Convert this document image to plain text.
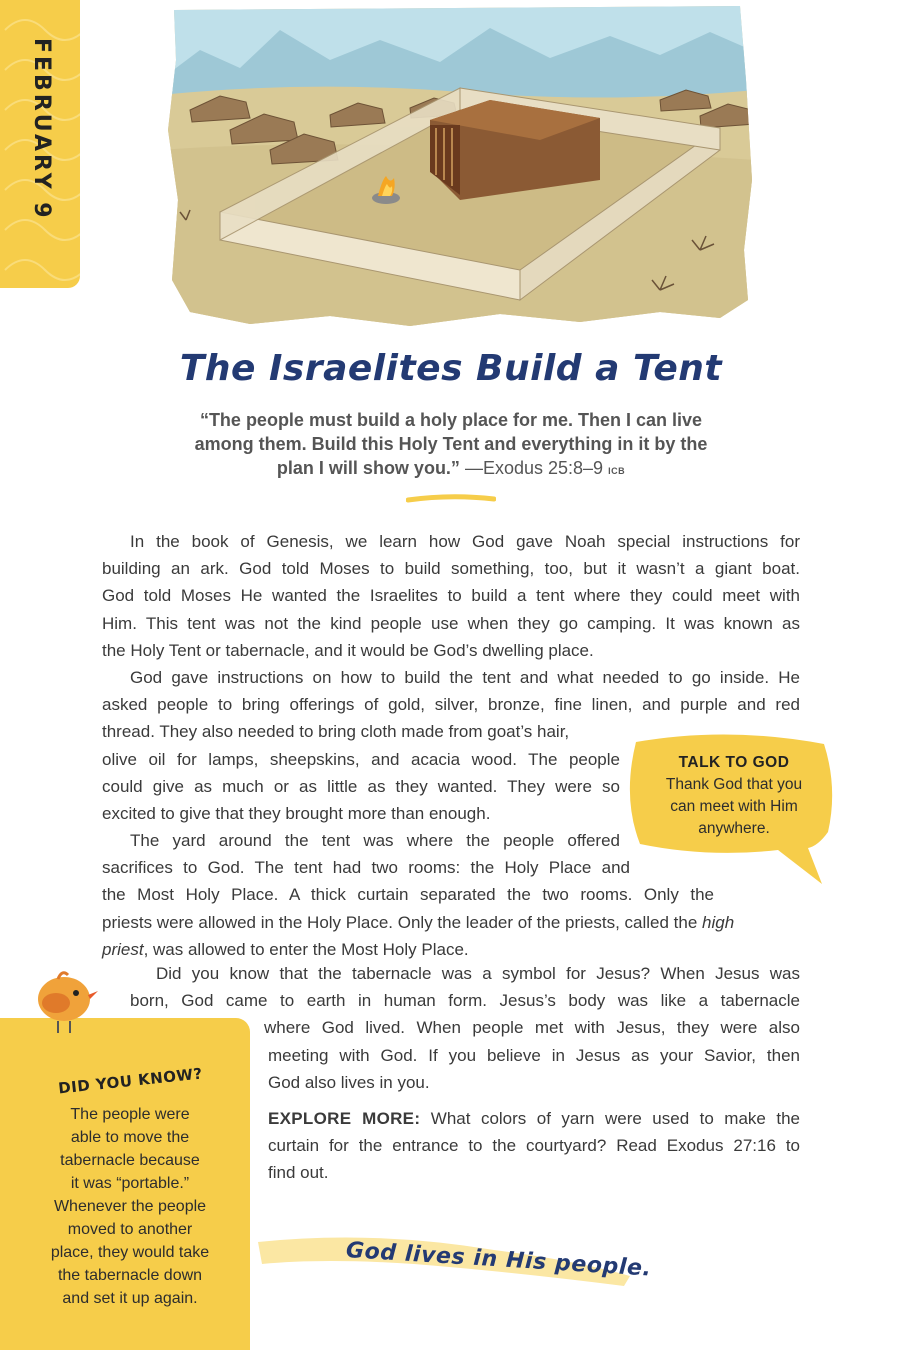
FEBRUARY 9
The Israelites Build a Tent
“The people must build a holy place for me. Then I can live
among them. Build this Holy Tent and everything in it by the
plan I will show you.” —Exodus 25:8–9 ICB
In the book of Genesis, we learn how God gave Noah special instructions for
building an ark. God told Moses to build something, too, but it wasn’t a giant boat.
God told Moses He wanted the Israelites to build a tent where they could meet with
Him. This tent was not the kind people use when they go camping. It was known as
the Holy Tent or tabernacle, and it would be God’s dwelling place.
God gave instructions on how to build the tent and what needed to go inside. He
asked people to bring offerings of gold, silver, bronze, fine linen, and purple and red
thread. They also needed to bring cloth made from goat’s hair,
olive oil for lamps, sheepskins, and acacia wood. The people
could give as much or as little as they wanted. They were so
excited to give that they brought more than enough.
The yard around the tent was where the people offered
sacrifices to God. The tent had two rooms: the Holy Place and
the Most Holy Place. A thick curtain separated the two rooms. Only the
priests were allowed in the Holy Place. Only the leader of the priests, called the high
priest, was allowed to enter the Most Holy Place.
Did you know that the tabernacle was a symbol for Jesus? When Jesus was
born, God came to earth in human form. Jesus’s body was like a tabernacle
where God lived. When people met with Jesus, they were also
meeting with God. If you believe in Jesus as your Savior, then
God also lives in you.
EXPLORE MORE: What colors of yarn were used to make the
curtain for the entrance to the courtyard? Read Exodus 27:16 to
find out.
TALK TO GOD
Thank God that you
can meet with Him
anywhere.
DID YOU KNOW?
The people were
able to move the
tabernacle because
it was “portable.”
Whenever the people
moved to another
place, they would take
the tabernacle down
and set it up again.
God lives in His people.
